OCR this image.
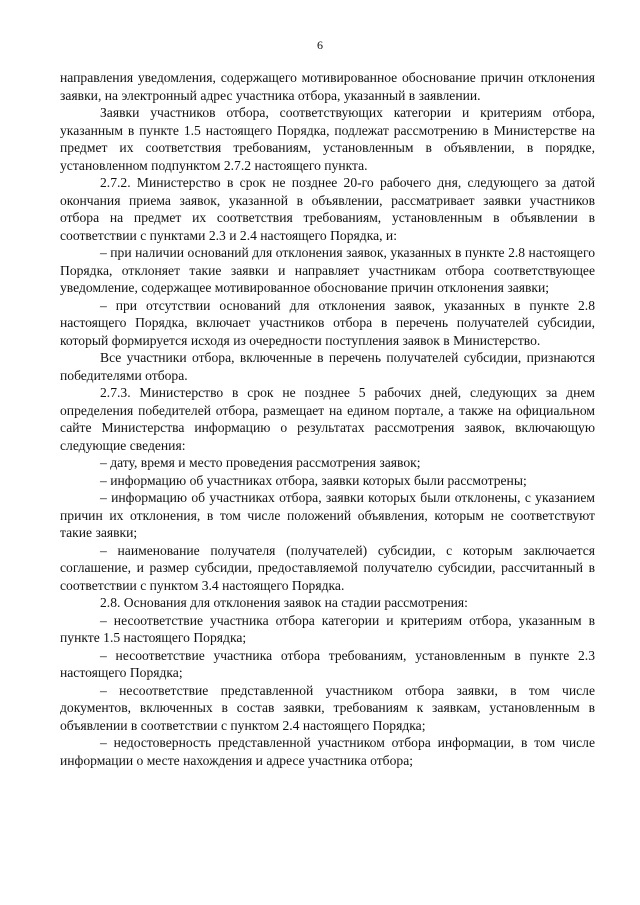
6

направления уведомления, содержащего мотивированное обоснование причин отклонения заявки, на электронный адрес участника отбора, указанный в заявлении.

Заявки участников отбора, соответствующих категории и критериям отбора, указанным в пункте 1.5 настоящего Порядка, подлежат рассмотрению в Министерстве на предмет их соответствия требованиям, установленным в объявлении, в порядке, установленном подпунктом 2.7.2 настоящего пункта.

2.7.2. Министерство в срок не позднее 20-го рабочего дня, следующего за датой окончания приема заявок, указанной в объявлении, рассматривает заявки участников отбора на предмет их соответствия требованиям, установленным в объявлении в соответствии с пунктами 2.3 и 2.4 настоящего Порядка, и:

– при наличии оснований для отклонения заявок, указанных в пункте 2.8 настоящего Порядка, отклоняет такие заявки и направляет участникам отбора соответствующее уведомление, содержащее мотивированное обоснование причин отклонения заявки;

– при отсутствии оснований для отклонения заявок, указанных в пункте 2.8 настоящего Порядка, включает участников отбора в перечень получателей субсидии, который формируется исходя из очередности поступления заявок в Министерство.

Все участники отбора, включенные в перечень получателей субсидии, признаются победителями отбора.

2.7.3. Министерство в срок не позднее 5 рабочих дней, следующих за днем определения победителей отбора, размещает на едином портале, а также на официальном сайте Министерства информацию о результатах рассмотрения заявок, включающую следующие сведения:

– дату, время и место проведения рассмотрения заявок;

– информацию об участниках отбора, заявки которых были рассмотрены;

– информацию об участниках отбора, заявки которых были отклонены, с указанием причин их отклонения, в том числе положений объявления, которым не соответствуют такие заявки;

– наименование получателя (получателей) субсидии, с которым заключается соглашение, и размер субсидии, предоставляемой получателю субсидии, рассчитанный в соответствии с пунктом 3.4 настоящего Порядка.

2.8. Основания для отклонения заявок на стадии рассмотрения:

– несоответствие участника отбора категории и критериям отбора, указанным в пункте 1.5 настоящего Порядка;

– несоответствие участника отбора требованиям, установленным в пункте 2.3 настоящего Порядка;

– несоответствие представленной участником отбора заявки, в том числе документов, включенных в состав заявки, требованиям к заявкам, установленным в объявлении в соответствии с пунктом 2.4 настоящего Порядка;

– недостоверность представленной участником отбора информации, в том числе информации о месте нахождения и адресе участника отбора;
